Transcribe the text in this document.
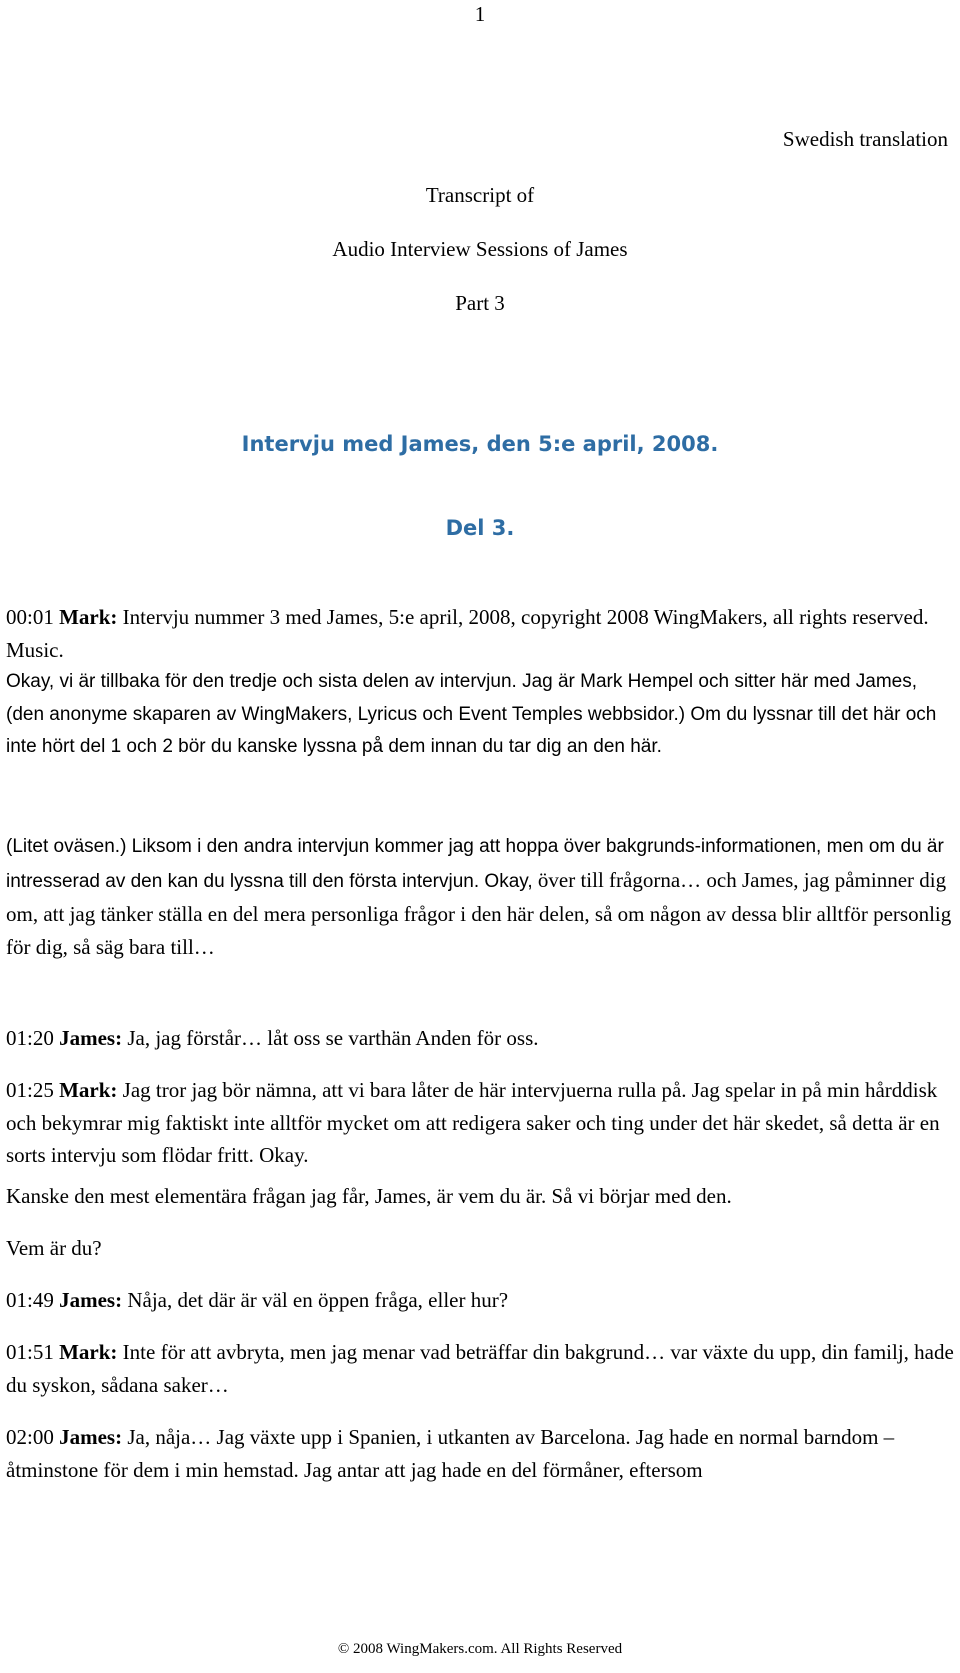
1
Swedish translation
Transcript of
Audio Interview Sessions of James
Part 3
Intervju med James, den 5:e april, 2008.
Del 3.

00:01 Mark: Intervju nummer 3 med James, 5:e april, 2008, copyright 2008 WingMakers, all rights reserved. Music.

Okay, vi är tillbaka för den tredje och sista delen av intervjun. Jag är Mark Hempel och sitter här med James, (den anonyme skaparen av WingMakers, Lyricus och Event Temples webbsidor.) Om du lyssnar till det här och inte hört del 1 och 2 bör du kanske lyssna på dem innan du tar dig an den här.

(Litet oväsen.) Liksom i den andra intervjun kommer jag att hoppa över bakgrunds-informationen, men om du är intresserad av den kan du lyssna till den första intervjun. Okay, över till frågorna… och James, jag påminner dig om, att jag tänker ställa en del mera personliga frågor i den här delen, så om någon av dessa blir alltför personlig för dig, så säg bara till…

01:20 James: Ja, jag förstår… låt oss se varthän Anden för oss.

01:25 Mark: Jag tror jag bör nämna, att vi bara låter de här intervjuerna rulla på. Jag spelar in på min hårddisk och bekymrar mig faktiskt inte alltför mycket om att redigera saker och ting under det här skedet, så detta är en sorts intervju som flödar fritt. Okay.

Kanske den mest elementära frågan jag får, James, är vem du är. Så vi börjar med den.

Vem är du?

01:49 James: Nåja, det där är väl en öppen fråga, eller hur?

01:51 Mark: Inte för att avbryta, men jag menar vad beträffar din bakgrund… var växte du upp, din familj, hade du syskon, sådana saker…

02:00 James: Ja, nåja… Jag växte upp i Spanien, i utkanten av Barcelona. Jag hade en normal barndom – åtminstone för dem i min hemstad. Jag antar att jag hade en del förmåner, eftersom

© 2008 WingMakers.com. All Rights Reserved
